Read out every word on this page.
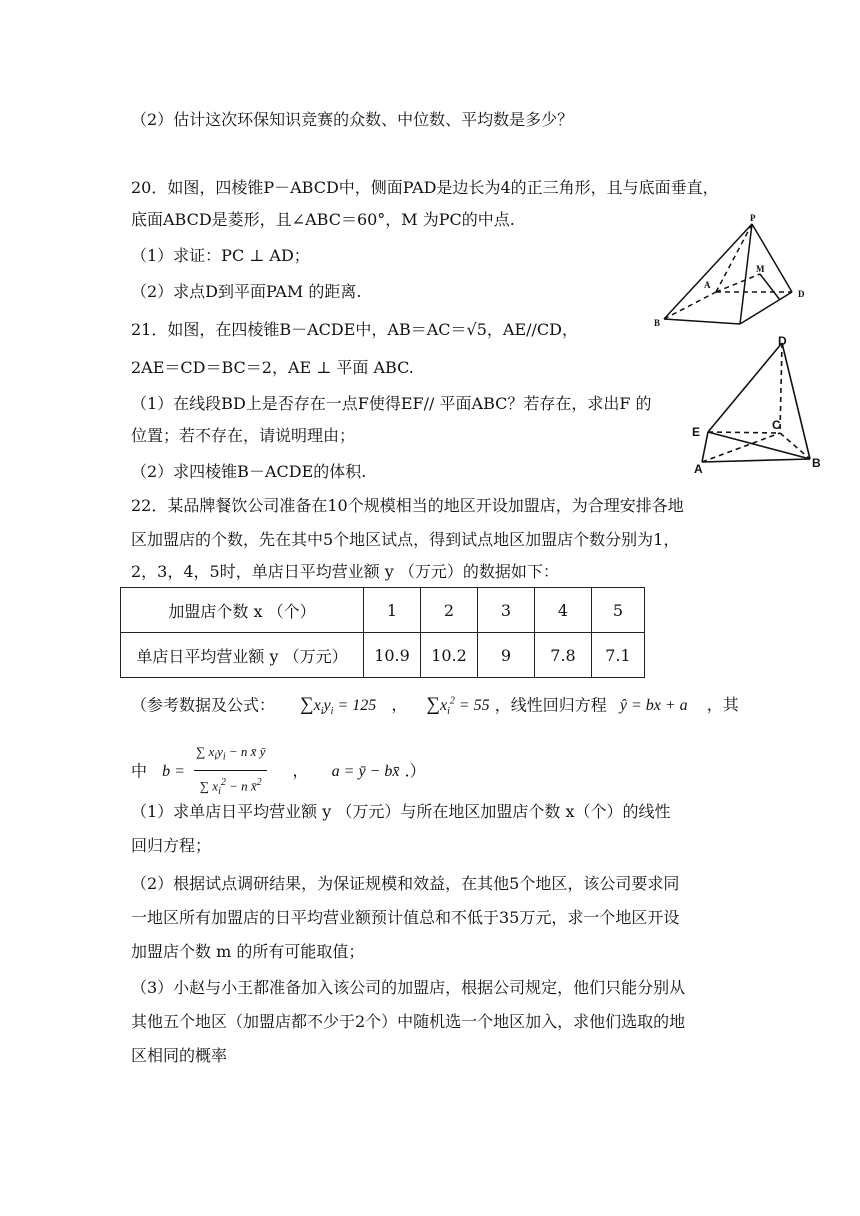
（2）估计这次环保知识竞赛的众数、中位数、平均数是多少？
20．如图，四棱锥P－ABCD中，侧面PAD是边长为4的正三角形，且与底面垂直，
底面ABCD是菱形，且∠ABC＝60°，M 为PC的中点.
（1）求证：PC ⊥ AD；
（2）求点D到平面PAM 的距离.
P
M
A
B
D
21．如图，在四棱锥B－ACDE中，AB＝AC＝√5，AE//CD，
2AE＝CD＝BC＝2，AE ⊥ 平面 ABC.
（1）在线段BD上是否存在一点F使得EF// 平面ABC？若存在，求出F 的
位置；若不存在，请说明理由；
（2）求四棱锥B－ACDE的体积.
D
E	C
A	B
22．某品牌餐饮公司准备在10个规模相当的地区开设加盟店，为合理安排各地
区加盟店的个数，先在其中5个地区试点，得到试点地区加盟店个数分别为1，
2，3，4，5时，单店日平均营业额 y （万元）的数据如下：
加盟店个数 x （个）	1	2	3	4	5
单店日平均营业额 y （万元）	10.9	10.2	9	7.8	7.1
（参考数据及公式： $\sum x_iy_i = 125$ ， $\sum x_i^2 = 55$ ，线性回归方程 ŷ = bx + a ，其
中 $b = \frac{\sum x_iy_i - n x̄ ȳ}{\sum x_i^2 - n x̄^2}$ ， a = ȳ − bx̄ .）
（1）求单店日平均营业额 y （万元）与所在地区加盟店个数 x（个）的线性
回归方程；
（2）根据试点调研结果，为保证规模和效益，在其他5个地区，该公司要求同
一地区所有加盟店的日平均营业额预计值总和不低于35万元，求一个地区开设
加盟店个数 m 的所有可能取值；
（3）小赵与小王都准备加入该公司的加盟店，根据公司规定，他们只能分别从
其他五个地区（加盟店都不少于2个）中随机选一个地区加入，求他们选取的地
区相同的概率
